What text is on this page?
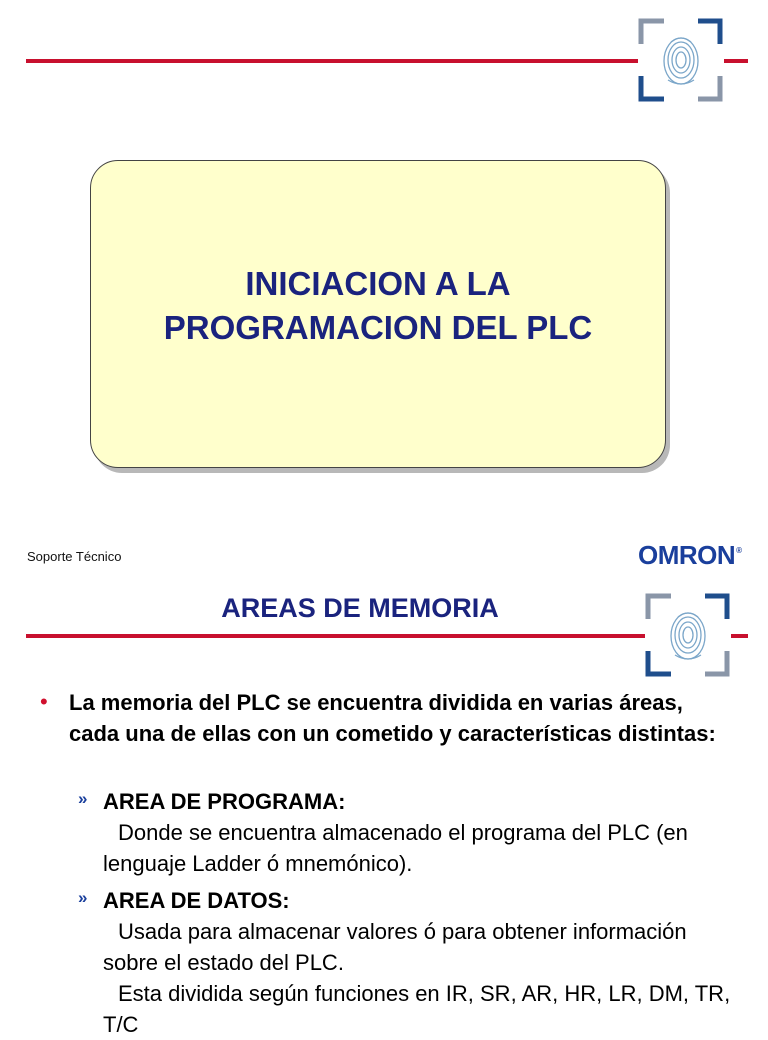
INICIACION A LA PROGRAMACION DEL PLC
Soporte Técnico	OMRON®
AREAS DE MEMORIA
• La memoria del PLC se encuentra dividida en varias áreas, cada una de ellas con un cometido y características distintas:
» AREA DE PROGRAMA:
Donde se encuentra almacenado el programa del PLC (en lenguaje Ladder ó mnemónico).
» AREA DE DATOS:
Usada para almacenar valores ó para obtener información sobre el estado del PLC.
Esta dividida según funciones en IR, SR, AR, HR, LR, DM, TR, T/C
